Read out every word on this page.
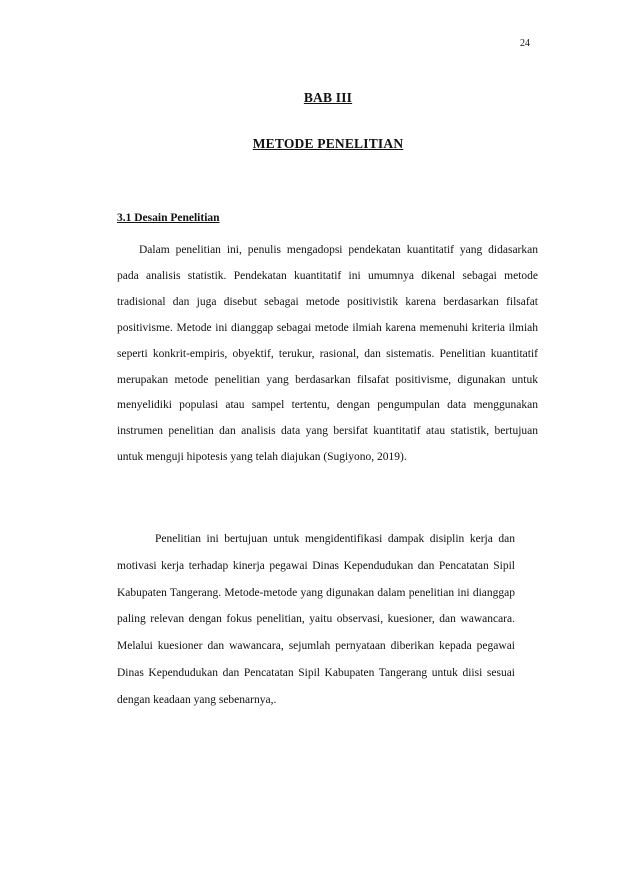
24
BAB III
METODE PENELITIAN
3.1 Desain Penelitian

Dalam penelitian ini, penulis mengadopsi pendekatan kuantitatif yang didasarkan pada analisis statistik. Pendekatan kuantitatif ini umumnya dikenal sebagai metode tradisional dan juga disebut sebagai metode positivistik karena berdasarkan filsafat positivisme. Metode ini dianggap sebagai metode ilmiah karena memenuhi kriteria ilmiah seperti konkrit-empiris, obyektif, terukur, rasional, dan sistematis. Penelitian kuantitatif merupakan metode penelitian yang berdasarkan filsafat positivisme, digunakan untuk menyelidiki populasi atau sampel tertentu, dengan pengumpulan data menggunakan instrumen penelitian dan analisis data yang bersifat kuantitatif atau statistik, bertujuan untuk menguji hipotesis yang telah diajukan (Sugiyono, 2019).

Penelitian ini bertujuan untuk mengidentifikasi dampak disiplin kerja dan motivasi kerja terhadap kinerja pegawai Dinas Kependudukan dan Pencatatan Sipil Kabupaten Tangerang. Metode-metode yang digunakan dalam penelitian ini dianggap paling relevan dengan fokus penelitian, yaitu observasi, kuesioner, dan wawancara. Melalui kuesioner dan wawancara, sejumlah pernyataan diberikan kepada pegawai Dinas Kependudukan dan Pencatatan Sipil Kabupaten Tangerang untuk diisi sesuai dengan keadaan yang sebenarnya,.
